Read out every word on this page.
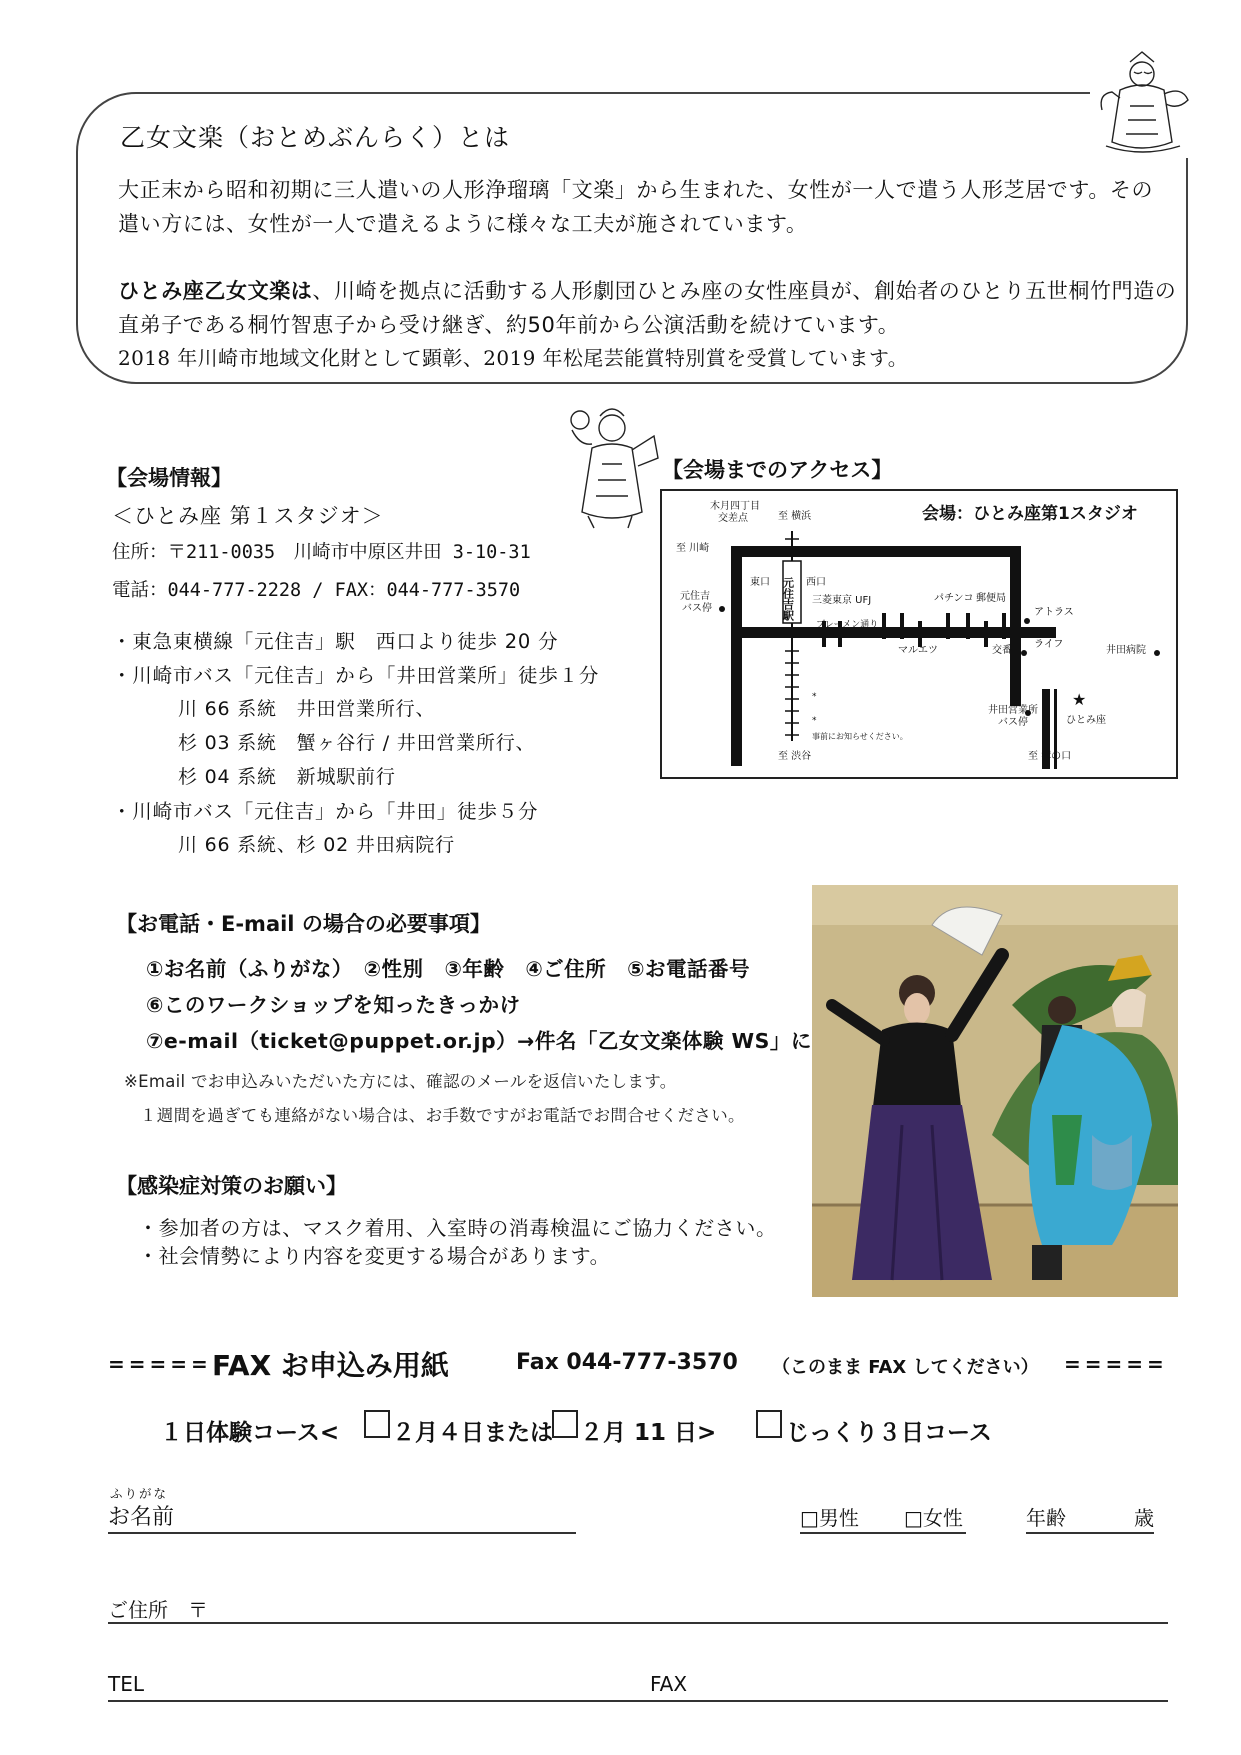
乙女文楽（おとめぶんらく）とは
大正末から昭和初期に三人遣いの人形浄瑠璃「文楽」から生まれた、女性が一人で遣う人形芝居です。その遣い方には、女性が一人で遣えるように様々な工夫が施されています。
ひとみ座乙女文楽は、川崎を拠点に活動する人形劇団ひとみ座の女性座員が、創始者のひとり五世桐竹門造の直弟子である桐竹智恵子から受け継ぎ、約50年前から公演活動を続けています。
2018 年川崎市地域文化財として顕彰、2019 年松尾芸能賞特別賞を受賞しています。
【会場情報】
＜ひとみ座 第１スタジオ＞
住所：〒211-0035　川崎市中原区井田 3-10-31
電話：044-777-2228 / FAX：044-777-3570
・東急東横線「元住吉」駅　西口より徒歩 20 分
・川崎市バス「元住吉」から「井田営業所」徒歩１分
川 66 系統　井田営業所行、
杉 03 系統　蟹ヶ谷行 / 井田営業所行、
杉 04 系統　新城駅前行
・川崎市バス「元住吉」から「井田」徒歩５分
川 66 系統、杉 02 井田病院行
【会場までのアクセス】
元住吉駅
木月四丁目
交差点	至 横浜
至 川崎
東口	西口
三菱東京 UFJ	パチンコ 郵便局
アトラス
ブレーメン通り
元住吉
バス停
マルエツ	交番
ライフ
井田病院
井田営業所
バス停
★
ひとみ座
事前にお知らせください。
*
*
至 渋谷	至 溝の口
会場：ひとみ座第1スタジオ
【お電話・E-mail の場合の必要事項】
①お名前（ふりがな）　②性別　③年齢　④ご住所　⑤お電話番号
⑥このワークショップを知ったきっかけ
⑦e-mail（ticket@puppet.or.jp）→件名「乙女文楽体験 WS」に
※Email でお申込みいただいた方には、確認のメールを返信いたします。
１週間を過ぎても連絡がない場合は、お手数ですがお電話でお問合せください。
【感染症対策のお願い】
・参加者の方は、マスク着用、入室時の消毒検温にご協力ください。
・社会情勢により内容を変更する場合があります。
===== FAX お申込み用紙	Fax 044-777-3570 （このまま FAX してください） =====
１日体験コース< ２月４日または ２月 11 日>	じっくり３日コース
ふりがな
お名前	□男性 □女性	年齢	歳
ご住所　〒
TEL	FAX
